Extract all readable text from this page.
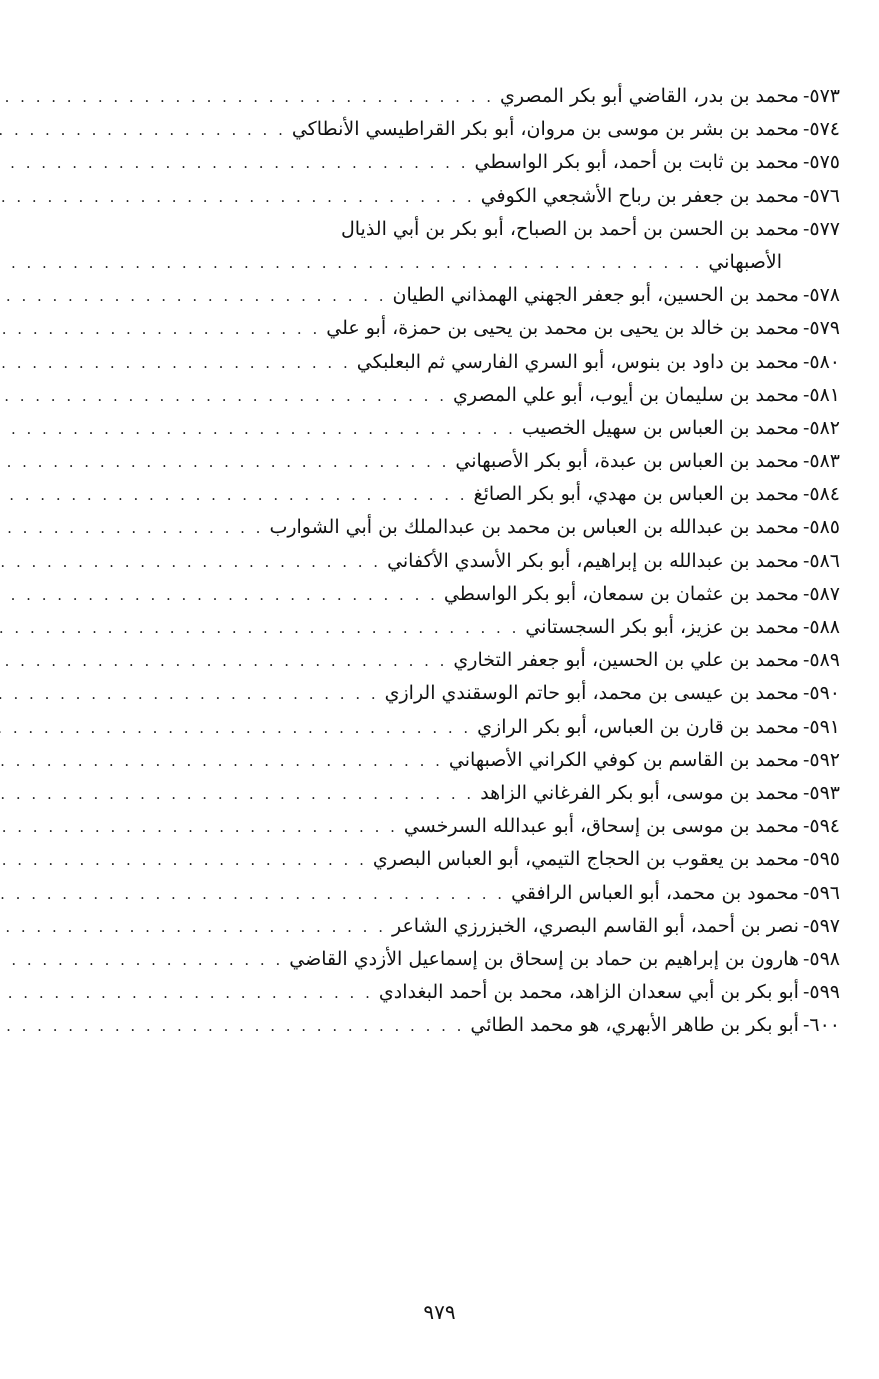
٥٧٣-
محمد بن بدر، القاضي أبو بكر المصري
. . .
٥٧٤-
محمد بن بشر بن موسى بن مروان، أبو بكر القراطيسي الأنطاكي
. . .
٥٧٥-
محمد بن ثابت بن أحمد، أبو بكر الواسطي
. . .
٥٧٦-
محمد بن جعفر بن رباح الأشجعي الكوفي
. . .
٥٧٧-
محمد بن الحسن بن أحمد بن الصباح، أبو بكر بن أبي الذيال
الأصبهاني
. . .
٥٧٨-
محمد بن الحسين، أبو جعفر الجهني الهمذاني الطيان
. . .
٥٧٩-
محمد بن خالد بن يحيى بن محمد بن يحيى بن حمزة، أبو علي
. . .
٥٨٠-
محمد بن داود بن بنوس، أبو السري الفارسي ثم البعلبكي
. . .
٥٨١-
محمد بن سليمان بن أيوب، أبو علي المصري
. . .
٥٨٢-
محمد بن العباس بن سهيل الخصيب
. . .
٥٨٣-
محمد بن العباس بن عبدة، أبو بكر الأصبهاني
. . .
٥٨٤-
محمد بن العباس بن مهدي، أبو بكر الصائغ
. . .
٥٨٥-
محمد بن عبدالله بن العباس بن محمد بن عبدالملك بن أبي الشوارب
. . .
٥٨٦-
محمد بن عبدالله بن إبراهيم، أبو بكر الأسدي الأكفاني
. . .
٥٨٧-
محمد بن عثمان بن سمعان، أبو بكر الواسطي
. . .
٥٨٨-
محمد بن عزيز، أبو بكر السجستاني
. . .
٥٨٩-
محمد بن علي بن الحسين، أبو جعفر التخاري
. . .
٥٩٠-
محمد بن عيسى بن محمد، أبو حاتم الوسقندي الرازي
. . .
٥٩١-
محمد بن قارن بن العباس، أبو بكر الرازي
. . .
٥٩٢-
محمد بن القاسم بن كوفي الكراني الأصبهاني
. . .
٥٩٣-
محمد بن موسى، أبو بكر الفرغاني الزاهد
. . .
٥٩٤-
محمد بن موسى بن إسحاق، أبو عبدالله السرخسي
. . .
٥٩٥-
محمد بن يعقوب بن الحجاج التيمي، أبو العباس البصري
. . .
٥٩٦-
محمود بن محمد، أبو العباس الرافقي
. . .
٥٩٧-
نصر بن أحمد، أبو القاسم البصري، الخبزرزي الشاعر
. . .
٥٩٨-
هارون بن إبراهيم بن حماد بن إسحاق بن إسماعيل الأزدي القاضي
. . .
٥٩٩-
أبو بكر بن أبي سعدان الزاهد، محمد بن أحمد البغدادي
. . .
٦٠٠-
أبو بكر بن طاهر الأبهري، هو محمد الطائي
. . .
٩٧٩
